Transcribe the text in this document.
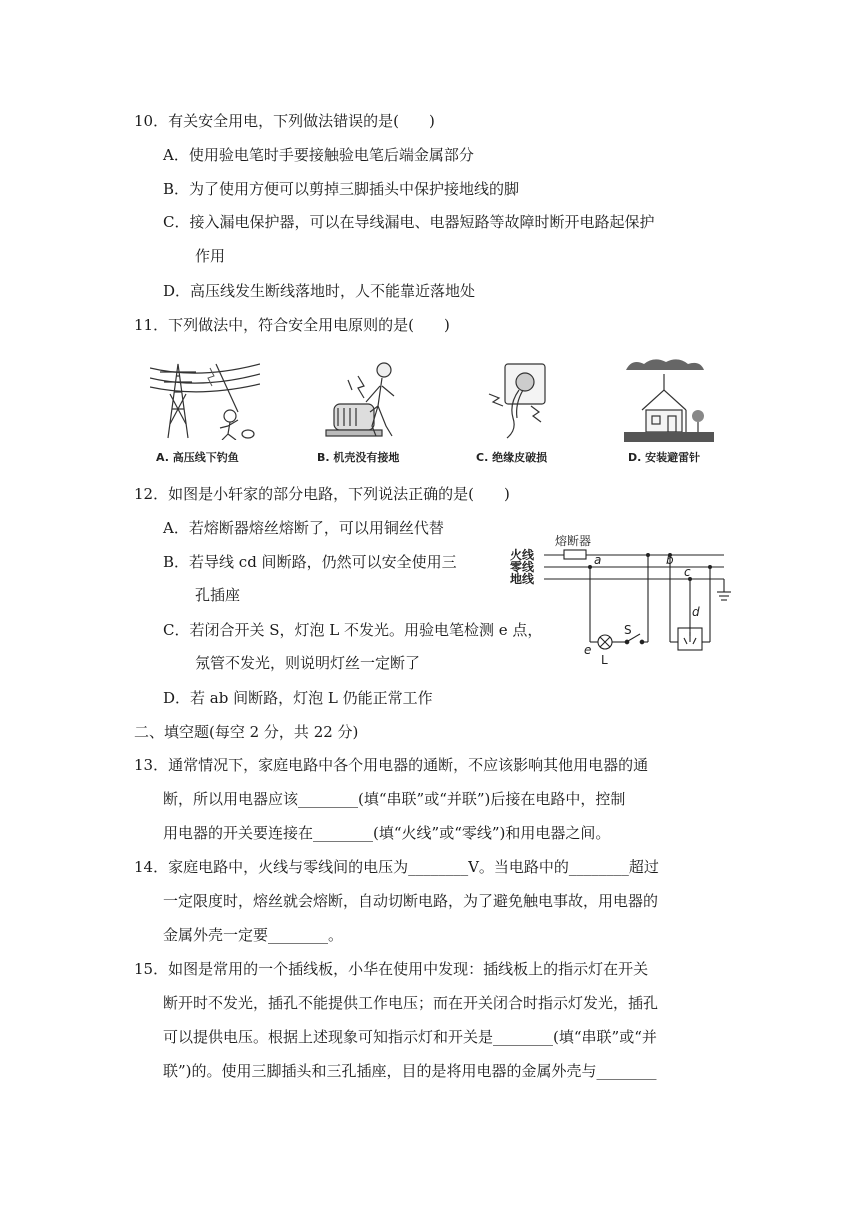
10．有关安全用电，下列做法错误的是(　　)
A．使用验电笔时手要接触验电笔后端金属部分
B．为了使用方便可以剪掉三脚插头中保护接地线的脚
C．接入漏电保护器，可以在导线漏电、电器短路等故障时断开电路起保护
作用
D．高压线发生断线落地时，人不能靠近落地处
11．下列做法中，符合安全用电原则的是(　　)
A. 高压线下钓鱼	B. 机壳没有接地	C. 绝缘皮破损	D. 安装避雷针
12．如图是小轩家的部分电路，下列说法正确的是(　　)
A．若熔断器熔丝熔断了，可以用铜丝代替
B．若导线 cd 间断路，仍然可以安全使用三
孔插座
C．若闭合开关 S，灯泡 L 不发光。用验电笔检测 e 点，
氖管不发光，则说明灯丝一定断了
D．若 ab 间断路，灯泡 L 仍能正常工作
熔断器
火线
零线
地线
a	b
c
d
e
S
L
二、填空题(每空 2 分，共 22 分)
13．通常情况下，家庭电路中各个用电器的通断，不应该影响其他用电器的通
断，所以用电器应该________(填“串联”或“并联”)后接在电路中，控制
用电器的开关要连接在________(填“火线”或“零线”)和用电器之间。
14．家庭电路中，火线与零线间的电压为________V。当电路中的________超过
一定限度时，熔丝就会熔断，自动切断电路，为了避免触电事故，用电器的
金属外壳一定要________。
15．如图是常用的一个插线板，小华在使用中发现：插线板上的指示灯在开关
断开时不发光，插孔不能提供工作电压；而在开关闭合时指示灯发光，插孔
可以提供电压。根据上述现象可知指示灯和开关是________(填“串联”或“并
联”)的。使用三脚插头和三孔插座，目的是将用电器的金属外壳与________
